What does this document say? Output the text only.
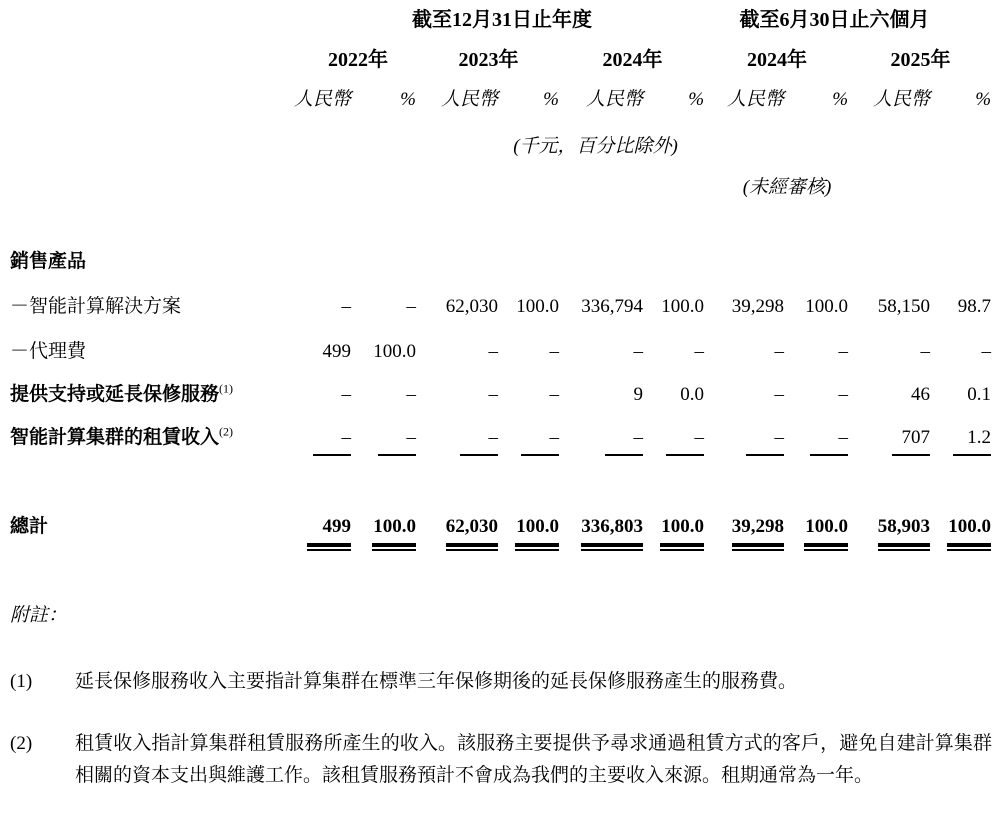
	截至12月31日止年度						截至6月30日止六個月			
	2022年		2023年		2024年		2024年		2025年	
	人民幣	%	人民幣	%	人民幣	%	人民幣	%	人民幣	%
	(千元，百分比除外)									
							(未經審核)			

銷售產品										
－智能計算解決方案	–	–	62,030	100.0	336,794	100.0	39,298	100.0	58,150	98.7
－代理費	499	100.0	–	–	–	–	–	–	–	–
提供支持或延長保修服務$^{(1)}$	–	–	–	–	9	0.0	–	–	46	0.1
智能計算集群的租賃收入$^{(2)}$	–	–	–	–	–	–	–	–	707	1.2

總計	499	100.0	62,030	100.0	336,803	100.0	39,298	100.0	58,903	100.0
附註：
(1)	延長保修服務收入主要指計算集群在標準三年保修期後的延長保修服務產生的服務費。
(2)	租賃收入指計算集群租賃服務所產生的收入。該服務主要提供予尋求通過租賃方式的客戶，避免自建計算集群相關的資本支出與維護工作。該租賃服務預計不會成為我們的主要收入來源。租期通常為一年。
